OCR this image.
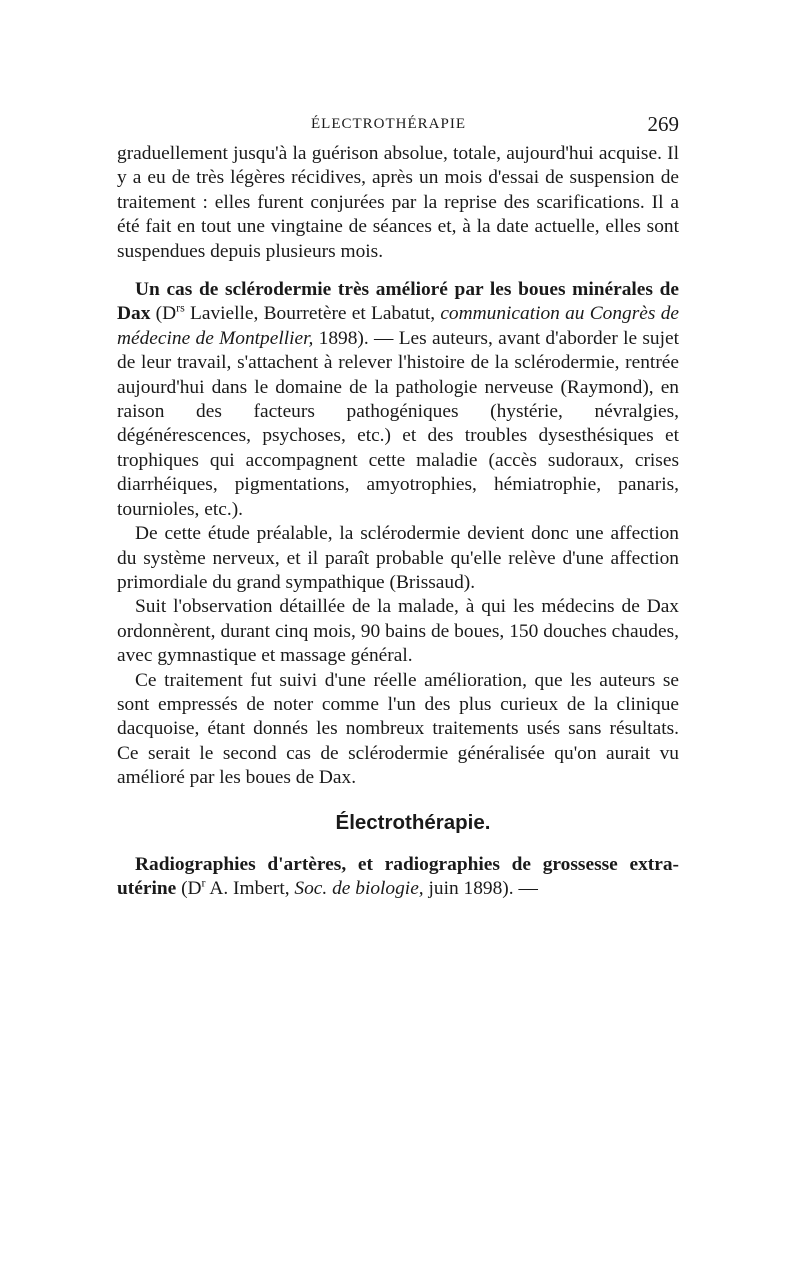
ÉLECTROTHÉRAPIE	269

graduellement jusqu'à la guérison absolue, totale, aujourd'hui acquise. Il y a eu de très légères récidives, après un mois d'essai de suspension de traitement : elles furent conjurées par la reprise des scarifications. Il a été fait en tout une vingtaine de séances et, à la date actuelle, elles sont suspendues depuis plusieurs mois.

Un cas de sclérodermie très amélioré par les boues minérales de Dax ($D^{rs}$ Lavielle, Bourretère et Labatut, communication au Congrès de médecine de Montpellier, 1898). — Les auteurs, avant d'aborder le sujet de leur travail, s'attachent à relever l'histoire de la sclérodermie, rentrée aujourd'hui dans le domaine de la pathologie nerveuse (Raymond), en raison des facteurs pathogéniques (hystérie, névralgies, dégénérescences, psychoses, etc.) et des troubles dysesthésiques et trophiques qui accompagnent cette maladie (accès sudoraux, crises diarrhéiques, pigmentations, amyotrophies, hémiatrophie, panaris, tournioles, etc.).

De cette étude préalable, la sclérodermie devient donc une affection du système nerveux, et il paraît probable qu'elle relève d'une affection primordiale du grand sympathique (Brissaud).

Suit l'observation détaillée de la malade, à qui les médecins de Dax ordonnèrent, durant cinq mois, 90 bains de boues, 150 douches chaudes, avec gymnastique et massage général.

Ce traitement fut suivi d'une réelle amélioration, que les auteurs se sont empressés de noter comme l'un des plus curieux de la clinique dacquoise, étant donnés les nombreux traitements usés sans résultats. Ce serait le second cas de sclérodermie généralisée qu'on aurait vu amélioré par les boues de Dax.

Électrothérapie.

Radiographies d'artères, et radiographies de grossesse extra-utérine ($D^r$ A. Imbert, Soc. de biologie, juin 1898). —
